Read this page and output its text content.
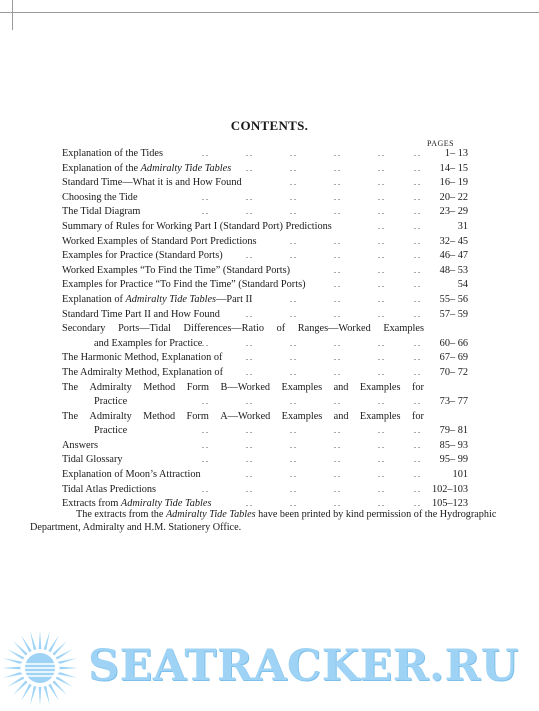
CONTENTS.
PAGES
Explanation of the Tides	. .	. .	. .	. .	. .	. .	1– 13
Explanation of the Admiralty Tide Tables . .	. .	. .	. .	. .	14– 15
Standard Time—What it is and How Found	. .	. .	. .	. .	16– 19
Choosing the Tide	. .	. .	. .	. .	. .	. .	20– 22
The Tidal Diagram	. .	. .	. .	. .	. .	. .	23– 29
Summary of Rules for Working Part I (Standard Port) Predictions	. .	. .	31
Worked Examples of Standard Port Predictions	. .	. .	. .	. .	32– 45
Examples for Practice (Standard Ports)	. .	. .	. .	. .	. .	46– 47
Worked Examples “To Find the Time” (Standard Ports)	. .	. .	. .	48– 53
Examples for Practice “To Find the Time” (Standard Ports)	. .	. .	. .	54
Explanation of Admiralty Tide Tables—Part II	. .	. .	. .	. .	55– 56
Standard Time Part II and How Found	. .	. .	. .	. .	. .	57– 59
Secondary Ports—Tidal Differences—Ratio of Ranges—Worked Examples
and Examples for Practice . .	. .	. .	. .	. .	. .	60– 66
The Harmonic Method, Explanation of	. .	. .	. .	. .	. .	67– 69
The Admiralty Method, Explanation of	. .	. .	. .	. .	. .	70– 72
The Admiralty Method Form B—Worked Examples and Examples for
Practice	. .	. .	. .	. .	. .	. .	73– 77
The Admiralty Method Form A—Worked Examples and Examples for
Practice	. .	. .	. .	. .	. .	. .	79– 81
Answers	. .	. .	. .	. .	. .	. .	85– 93
Tidal Glossary	. .	. .	. .	. .	. .	. .	95– 99
Explanation of Moon’s Attraction	. .	. .	. .	. .	. .	101
Tidal Atlas Predictions	. .	. .	. .	. .	. .	. .	102–103
Extracts from Admiralty Tide Tables	. .	. .	. .	. .	. .	105–123
The extracts from the Admiralty Tide Tables have been printed by kind permission of the Hydrographic Department, Admiralty and H.M. Stationery Office.
SEATRACKER.RU
